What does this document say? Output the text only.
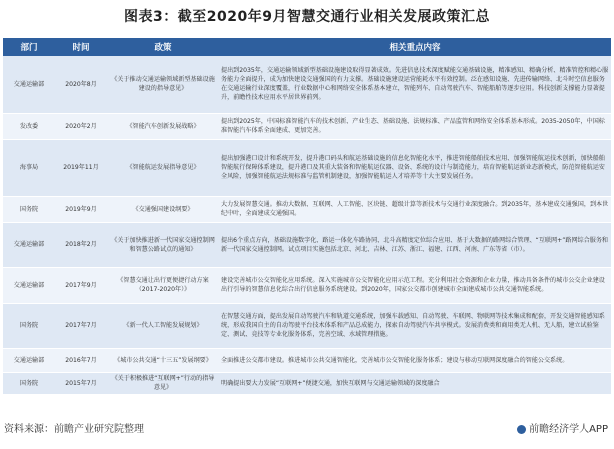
图表3：截至2020年9月智慧交通行业相关发展政策汇总
部门	时间	政策	相关重点内容
交通运输部	2020年8月	《关于推动交通运输领域新型基础设施建设的指导意见》	提出到2035年，交通运输领域新型基础设施建设取得显著成效。先进信息技术深度赋能交通基础设施，精准感知、精确分析、精准管控和精心服务能力全面提升，成为加快建设交通强国的有力支撑。基础设施建设运营能耗水平有效控制。泛在感知设施、先进传输网络、北斗时空信息服务在交通运输行业深度覆盖，行业数据中心和网络安全体系基本建立，智能列车、自动驾驶汽车、智能船舶等逐步应用。科技创新支撑能力显著提升，前瞻性技术应用水平居世界前列。
发改委	2020年2月	《智能汽车创新发展战略》	提出到2025年，中国标准智能汽车的技术创新、产业生态、基础设施、法规标准、产品监管和网络安全体系基本形成。2035-2050年，中国标准智能汽车体系全面建成、更加完善。
海事局	2019年11月	《智能航运发展指导意见》	提出加强港口设计和系统开发，提升港口码头和航运基础设施的信息化智能化水平，推进智能船舶技术应用、加强智能航运技术创新，加快船舶智能航行保障体系建设，提升港口及其重大装备和智能航运仪器、设备、系统的设计与制造能力，培育智能航运新业态新模式，防范智能航运安全风险，加强智能航运法规标准与监管机制建设，加强智能航运人才培养等十大主要发展任务。
国务院	2019年9月	《交通强国建设纲要》	大力发展智慧交通。推动大数据、互联网、人工智能、区块链、超级计算等新技术与交通行业深度融合。到2035年，基本建成交通强国，到本世纪中叶，全面建成交通强国。
交通运输部	2018年2月	《关于加快推进新一代国家交通控制网和智慧公路试点的通知》	提出6个重点方向，基础设施数字化、路运一体化车路协同、北斗高精度定位综合应用、基于大数据的路网综合管理、“互联网+”路网综合服务和新一代国家交通控制网。试点项目实施包括北京、河北、吉林、江苏、浙江、福建、江西、河南、广东等省（市）。
交通运输部	2017年9月	《智慧交通让出行更便捷行动方案（2017-2020年）》	建设完善城市公交智能化应用系统。深入实施城市公交智能化应用示范工程。充分利用社会资源和企业力量，推动具备条件的城市公交企业建设出行引导的智慧信息化综合出行信息服务系统建设。到2020年，国家公交都市创建城市全面建成城市公共交通智能系统。
国务院	2017年7月	《新一代人工智能发展规划》	在智慧交通方面，提出发展自动驾驶汽车和轨道交通系统，加强车载感知、自动驾驶、车联网、物联网等技术集成和配套，开发交通智能感知系统，形成我国自主的自动驾驶平台技术体系和产品总成能力，探索自动驾驶汽车共享模式。发展消费类和商用类无人机、无人船，建立试验鉴定、测试、竞技等专业化服务体系，完善空域、水域管理措施。
交通运输部	2016年7月	《城市公共交通“十三五”发展纲要》	全面推进公交都市建设。推进城市公共交通智能化，完善城市公交智能化服务体系；建设与移动互联网深度融合的智能公交系统。
国务院	2015年7月	《关于积极推进“互联网+”行动的指导意见》	明确提出要大力发展“互联网+”便捷交通，加快互联网与交通运输领域的深度融合
资料来源：前瞻产业研究院整理	前瞻经济学人APP
